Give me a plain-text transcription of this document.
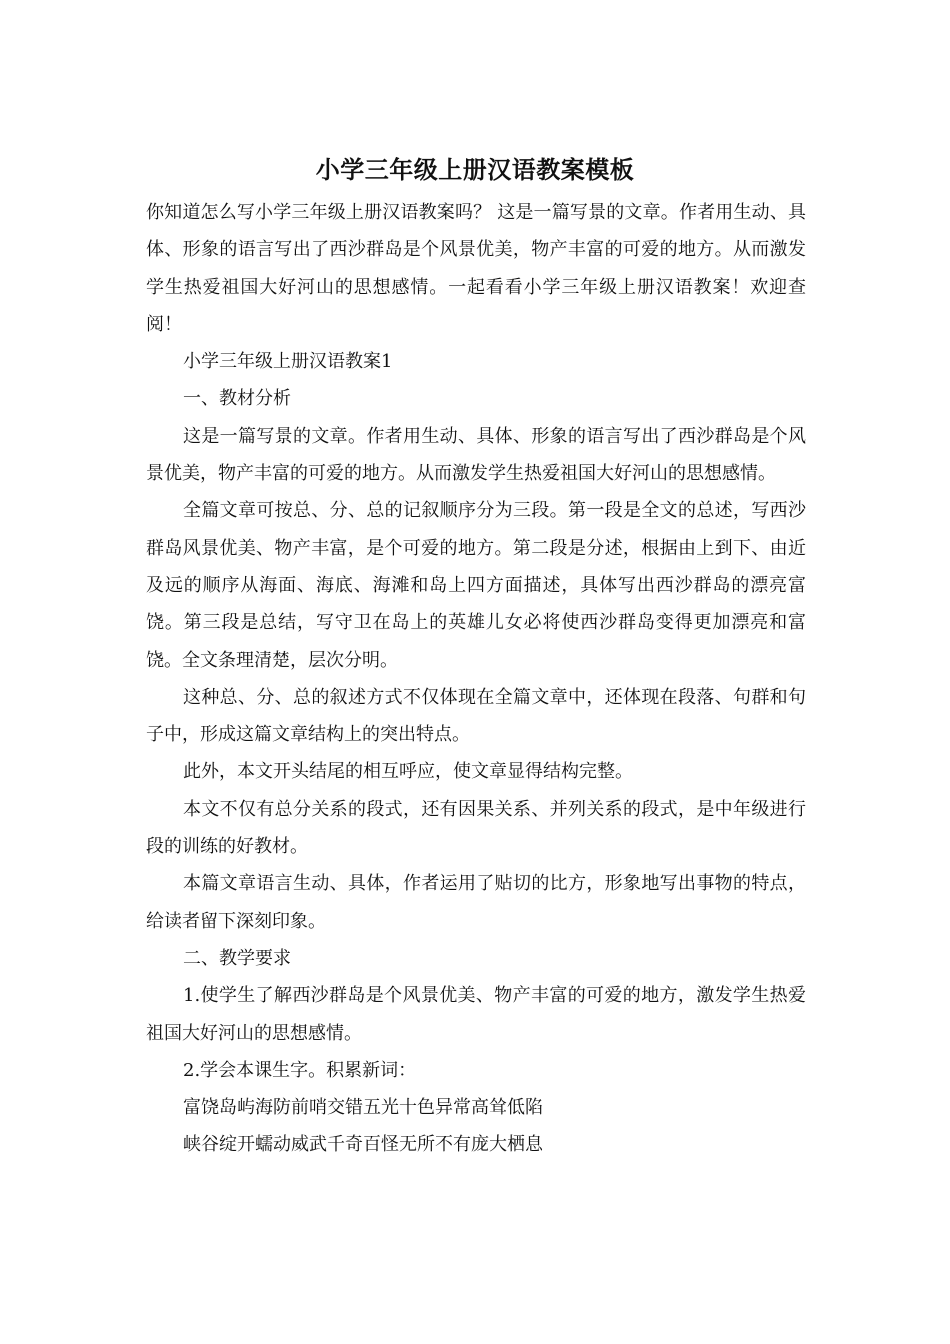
小学三年级上册汉语教案模板

你知道怎么写小学三年级上册汉语教案吗？ 这是一篇写景的文章。作者用生动、具体、形象的语言写出了西沙群岛是个风景优美，物产丰富的可爱的地方。从而激发学生热爱祖国大好河山的思想感情。一起看看小学三年级上册汉语教案！欢迎查阅！

小学三年级上册汉语教案1

一、教材分析

这是一篇写景的文章。作者用生动、具体、形象的语言写出了西沙群岛是个风景优美，物产丰富的可爱的地方。从而激发学生热爱祖国大好河山的思想感情。

全篇文章可按总、分、总的记叙顺序分为三段。第一段是全文的总述，写西沙群岛风景优美、物产丰富，是个可爱的地方。第二段是分述，根据由上到下、由近及远的顺序从海面、海底、海滩和岛上四方面描述，具体写出西沙群岛的漂亮富饶。第三段是总结，写守卫在岛上的英雄儿女必将使西沙群岛变得更加漂亮和富饶。全文条理清楚，层次分明。

这种总、分、总的叙述方式不仅体现在全篇文章中，还体现在段落、句群和句子中，形成这篇文章结构上的突出特点。

此外，本文开头结尾的相互呼应，使文章显得结构完整。

本文不仅有总分关系的段式，还有因果关系、并列关系的段式，是中年级进行段的训练的好教材。

本篇文章语言生动、具体，作者运用了贴切的比方，形象地写出事物的特点，给读者留下深刻印象。

二、教学要求

1.使学生了解西沙群岛是个风景优美、物产丰富的可爱的地方，激发学生热爱祖国大好河山的思想感情。

2.学会本课生字。积累新词：

富饶岛屿海防前哨交错五光十色异常高耸低陷

峡谷绽开蠕动威武千奇百怪无所不有庞大栖息
